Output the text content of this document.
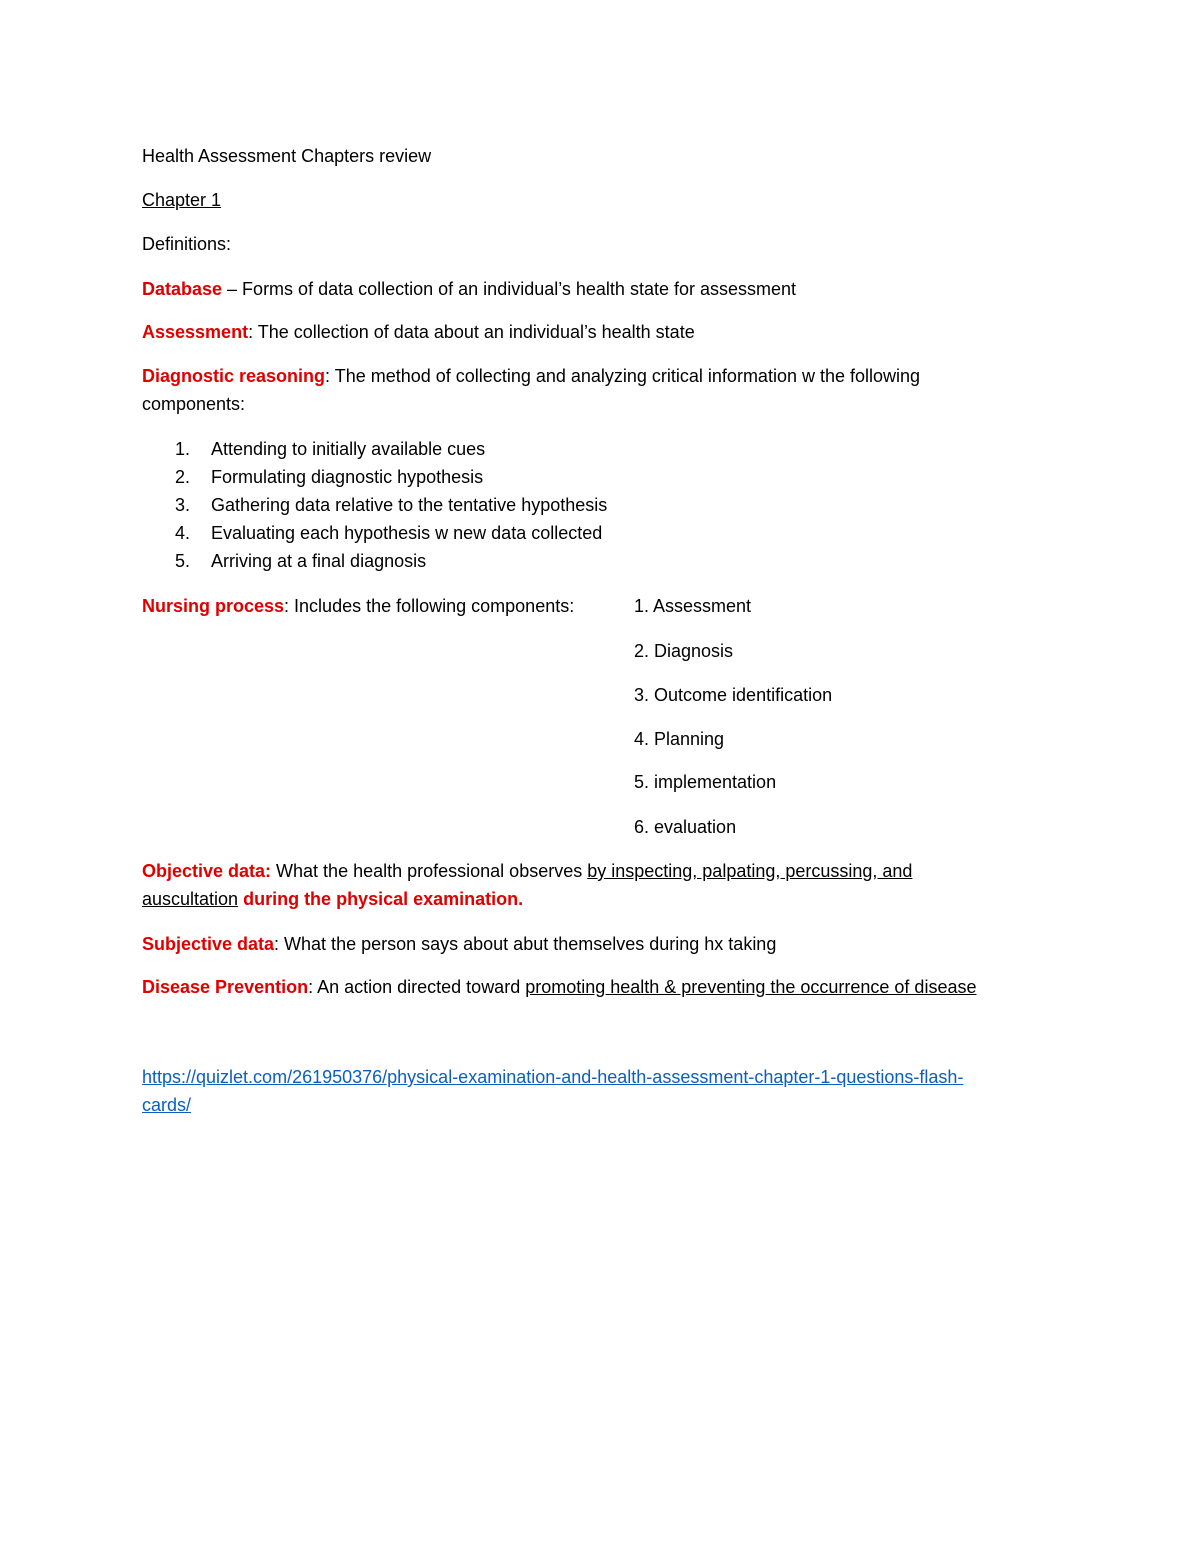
Health Assessment Chapters review
Chapter 1
Definitions:
Database – Forms of data collection of an individual’s health state for assessment
Assessment: The collection of data about an individual’s health state
Diagnostic reasoning: The method of collecting and analyzing critical information w the following
components:
1. Attending to initially available cues
2. Formulating diagnostic hypothesis
3. Gathering data relative to the tentative hypothesis
4. Evaluating each hypothesis w new data collected
5. Arriving at a final diagnosis
Nursing process: Includes the following components:	1. Assessment
2. Diagnosis
3. Outcome identification
4. Planning
5. implementation
6. evaluation
Objective data: What the health professional observes by inspecting, palpating, percussing, and
auscultation during the physical examination.
Subjective data: What the person says about abut themselves during hx taking
Disease Prevention: An action directed toward promoting health & preventing the occurrence of disease
https://quizlet.com/261950376/physical-examination-and-health-assessment-chapter-1-questions-flash-
cards/
